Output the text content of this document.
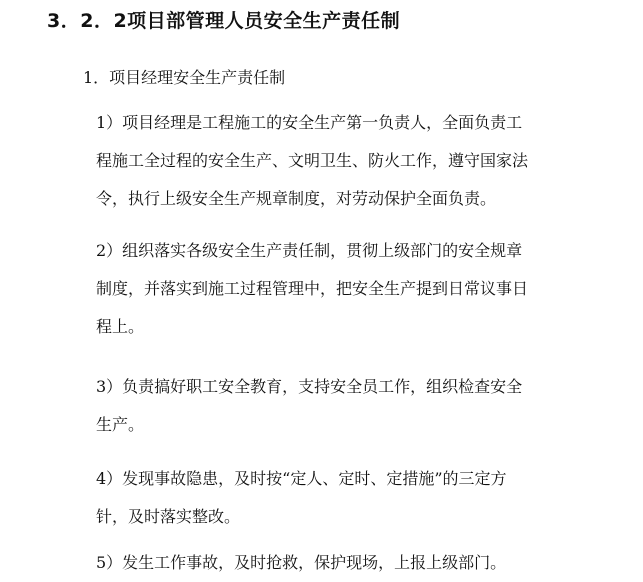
3．2．2项目部管理人员安全生产责任制
1．项目经理安全生产责任制
1）项目经理是工程施工的安全生产第一负责人，全面负责工
程施工全过程的安全生产、文明卫生、防火工作，遵守国家法
令，执行上级安全生产规章制度，对劳动保护全面负责。
2）组织落实各级安全生产责任制，贯彻上级部门的安全规章
制度，并落实到施工过程管理中，把安全生产提到日常议事日
程上。
3）负责搞好职工安全教育，支持安全员工作，组织检查安全
生产。
4）发现事故隐患，及时按“定人、定时、定措施”的三定方
针，及时落实整改。
5）发生工作事故，及时抢救，保护现场，上报上级部门。
